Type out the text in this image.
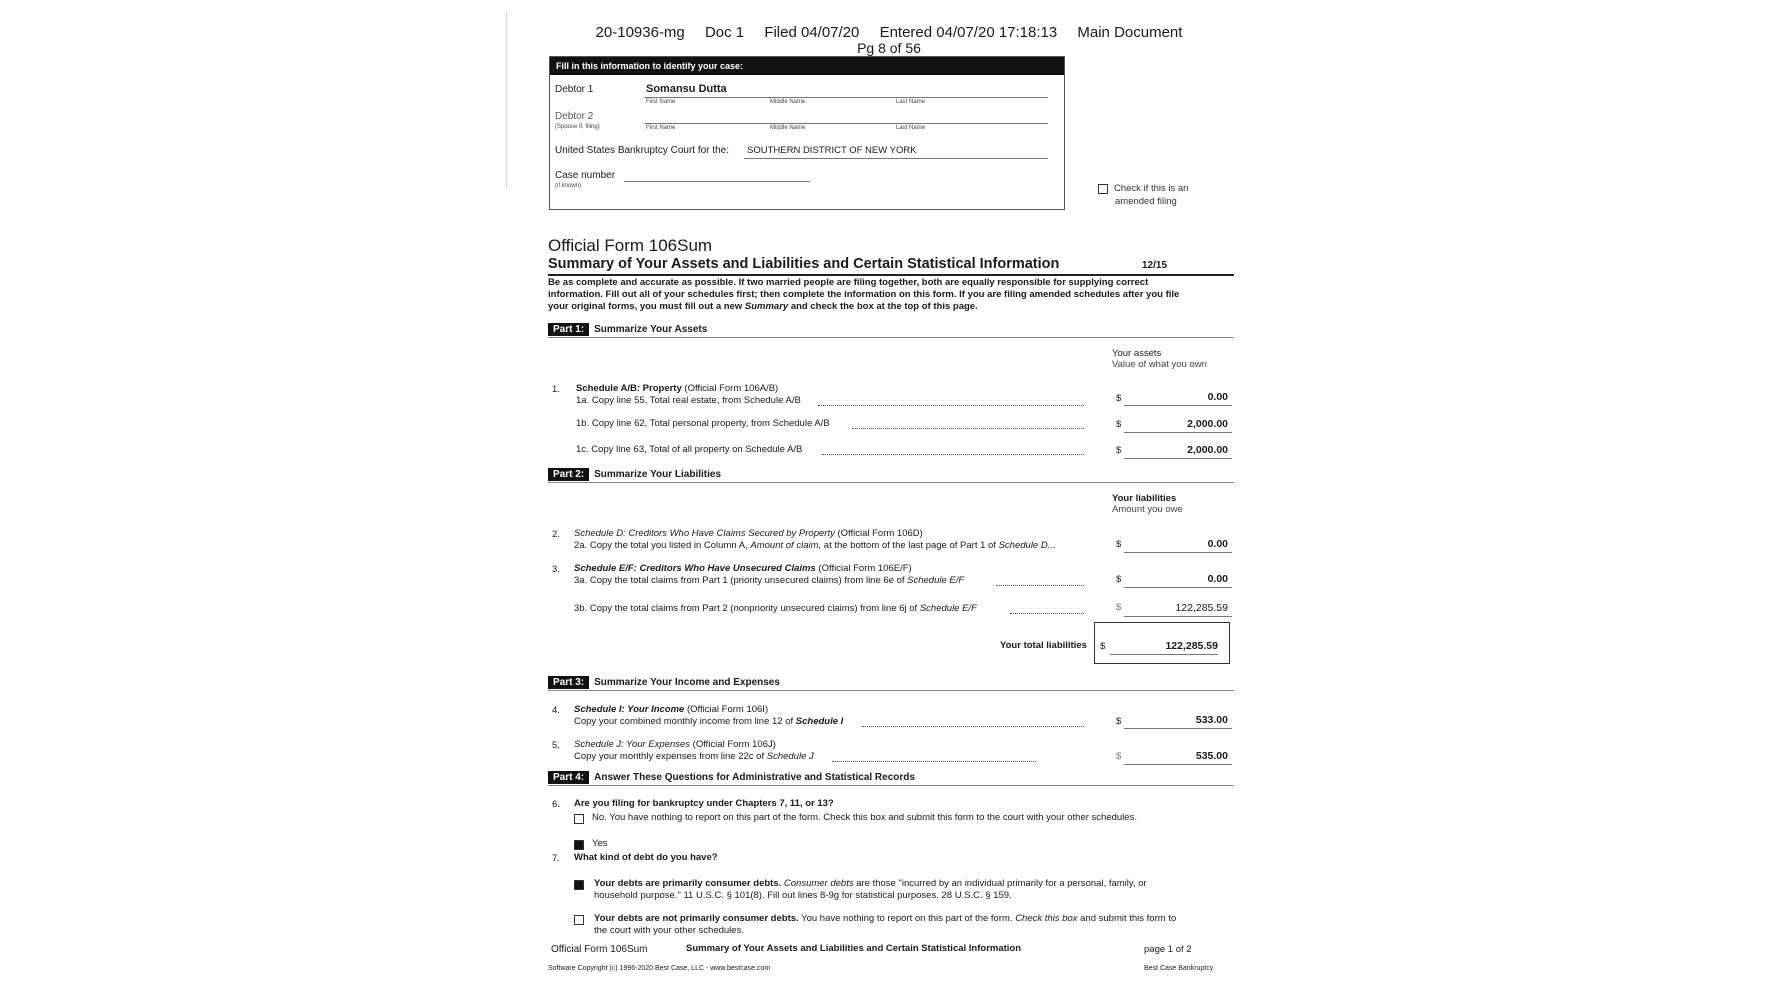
20-10936-mg Doc 1 Filed 04/07/20 Entered 04/07/20 17:18:13 Main Document
Pg 8 of 56
Fill in this information to identify your case:
Debtor 1	Somansu Dutta
First Name	Middle Name	Last Name
Debtor 2
(Spouse if, filing)	First Name	Middle Name	Last Name
United States Bankruptcy Court for the: SOUTHERN DISTRICT OF NEW YORK
Case number
(if known)	Check if this is an
amended filing
Official Form 106Sum
Summary of Your Assets and Liabilities and Certain Statistical Information	12/15
Be as complete and accurate as possible. If two married people are filing together, both are equally responsible for supplying correct
information. Fill out all of your schedules first; then complete the information on this form. If you are filing amended schedules after you file
your original forms, you must fill out a new Summary and check the box at the top of this page.
Part 1: Summarize Your Assets
Your assets
Value of what you own
1. Schedule A/B: Property (Official Form 106A/B)
1a. Copy line 55, Total real estate, from Schedule A/B	$	0.00
1b. Copy line 62, Total personal property, from Schedule A/B	$	2,000.00
1c. Copy line 63, Total of all property on Schedule A/B	$	2,000.00
Part 2: Summarize Your Liabilities
Your liabilities
Amount you owe
2. Schedule D: Creditors Who Have Claims Secured by Property (Official Form 106D)
2a. Copy the total you listed in Column A, Amount of claim, at the bottom of the last page of Part 1 of Schedule D...	$	0.00
3. Schedule E/F: Creditors Who Have Unsecured Claims (Official Form 106E/F)
3a. Copy the total claims from Part 1 (priority unsecured claims) from line 6e of Schedule E/F	$	0.00
3b. Copy the total claims from Part 2 (nonpriority unsecured claims) from line 6j of Schedule E/F	$	122,285.59
Your total liabilities $	122,285.59
Part 3: Summarize Your Income and Expenses
4. Schedule I: Your Income (Official Form 106I)
Copy your combined monthly income from line 12 of Schedule I	$	533.00
5. Schedule J: Your Expenses (Official Form 106J)
Copy your monthly expenses from line 22c of Schedule J	$	535.00
Part 4: Answer These Questions for Administrative and Statistical Records
6. Are you filing for bankruptcy under Chapters 7, 11, or 13?
No. You have nothing to report on this part of the form. Check this box and submit this form to the court with your other schedules.
Yes
7. What kind of debt do you have?
Your debts are primarily consumer debts. Consumer debts are those "incurred by an individual primarily for a personal, family, or
household purpose." 11 U.S.C. § 101(8). Fill out lines 8-9g for statistical purposes. 28 U.S.C. § 159.
Your debts are not primarily consumer debts. You have nothing to report on this part of the form. Check this box and submit this form to
the court with your other schedules.
Official Form 106Sum	Summary of Your Assets and Liabilities and Certain Statistical Information	page 1 of 2
Software Copyright (c) 1996-2020 Best Case, LLC - www.bestcase.com	Best Case Bankruptcy
